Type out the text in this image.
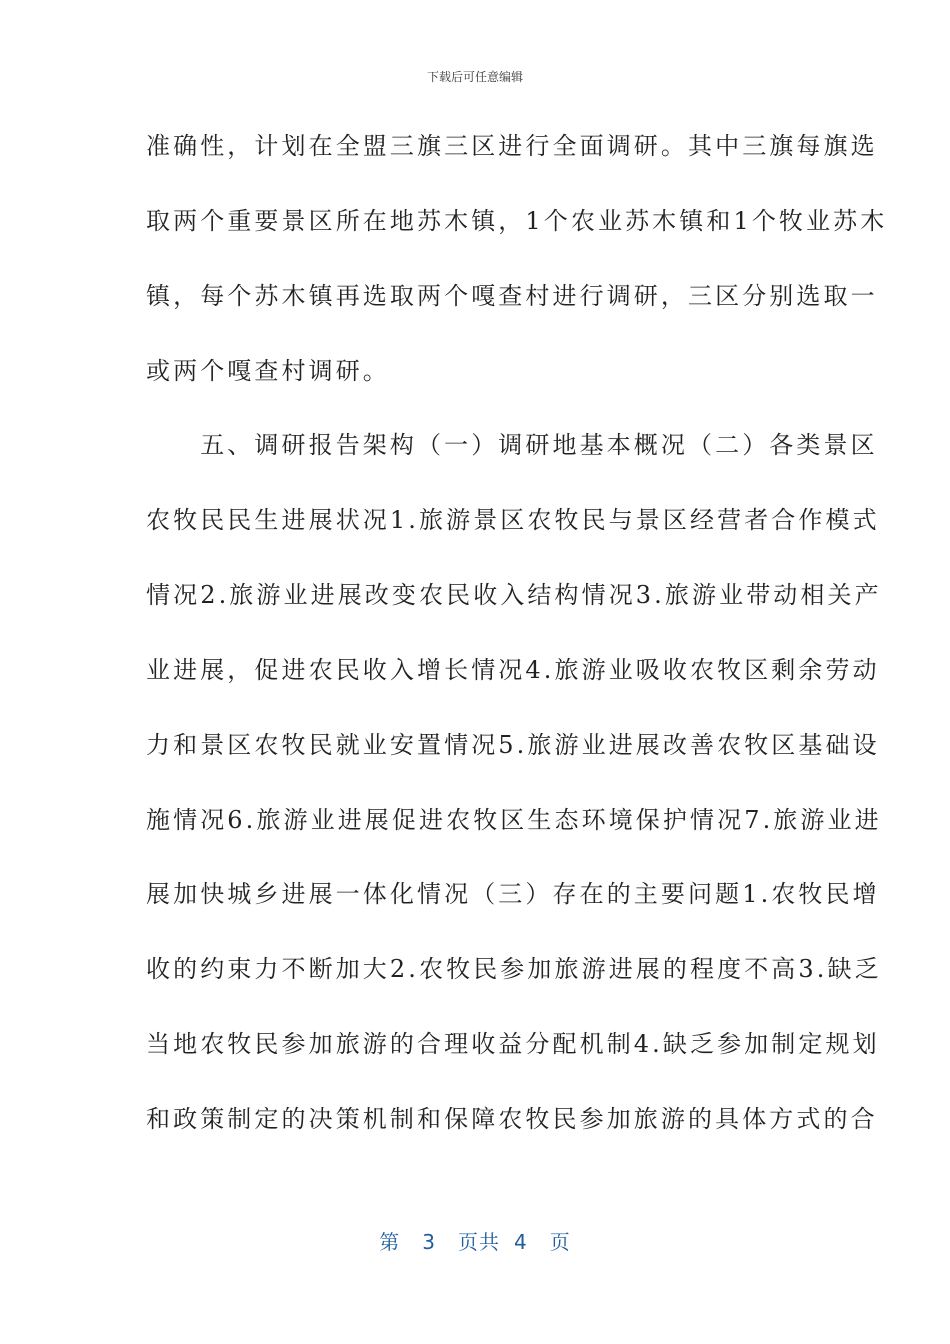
下载后可任意编辑
准确性，计划在全盟三旗三区进行全面调研。其中三旗每旗选
取两个重要景区所在地苏木镇，1个农业苏木镇和1个牧业苏木
镇，每个苏木镇再选取两个嘎查村进行调研，三区分别选取一
或两个嘎查村调研。
　　五、调研报告架构（一）调研地基本概况（二）各类景区
农牧民民生进展状况1.旅游景区农牧民与景区经营者合作模式
情况2.旅游业进展改变农民收入结构情况3.旅游业带动相关产
业进展，促进农民收入增长情况4.旅游业吸收农牧区剩余劳动
力和景区农牧民就业安置情况5.旅游业进展改善农牧区基础设
施情况6.旅游业进展促进农牧区生态环境保护情况7.旅游业进
展加快城乡进展一体化情况（三）存在的主要问题1.农牧民增
收的约束力不断加大2.农牧民参加旅游进展的程度不高3.缺乏
当地农牧民参加旅游的合理收益分配机制4.缺乏参加制定规划
和政策制定的决策机制和保障农牧民参加旅游的具体方式的合
第 3 页共 4 页
